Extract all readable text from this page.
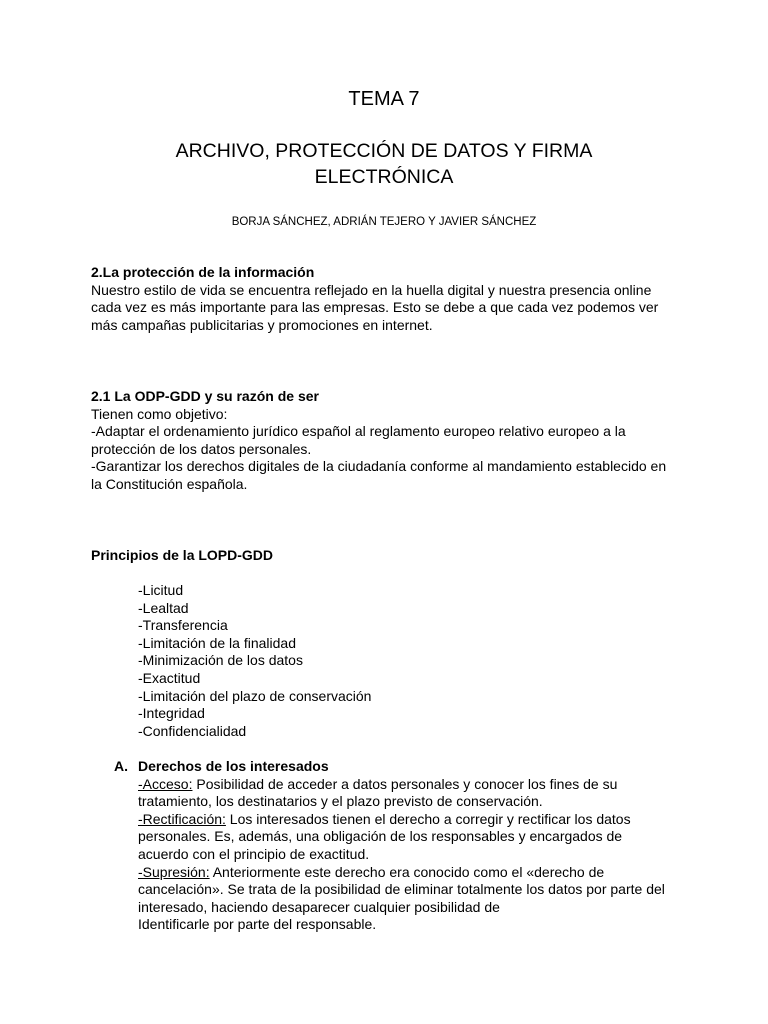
TEMA 7
ARCHIVO, PROTECCIÓN DE DATOS Y FIRMA
ELECTRÓNICA
BORJA SÁNCHEZ, ADRIÁN TEJERO Y JAVIER SÁNCHEZ
2.La protección de la información
Nuestro estilo de vida se encuentra reflejado en la huella digital y nuestra presencia online
cada vez es más importante para las empresas. Esto se debe a que cada vez podemos ver
más campañas publicitarias y promociones en internet.
2.1 La ODP-GDD y su razón de ser
Tienen como objetivo:
-Adaptar el ordenamiento jurídico español al reglamento europeo relativo europeo a la
protección de los datos personales.
-Garantizar los derechos digitales de la ciudadanía conforme al mandamiento establecido en
la Constitución española.
Principios de la LOPD-GDD
-Licitud
-Lealtad
-Transferencia
-Limitación de la finalidad
-Minimización de los datos
-Exactitud
-Limitación del plazo de conservación
-Integridad
-Confidencialidad
A. Derechos de los interesados
-Acceso: Posibilidad de acceder a datos personales y conocer los fines de su
tratamiento, los destinatarios y el plazo previsto de conservación.
-Rectificación: Los interesados tienen el derecho a corregir y rectificar los datos
personales. Es, además, una obligación de los responsables y encargados de
acuerdo con el principio de exactitud.
-Supresión: Anteriormente este derecho era conocido como el «derecho de
cancelación». Se trata de la posibilidad de eliminar totalmente los datos por parte del
interesado, haciendo desaparecer cualquier posibilidad de
Identificarle por parte del responsable.
